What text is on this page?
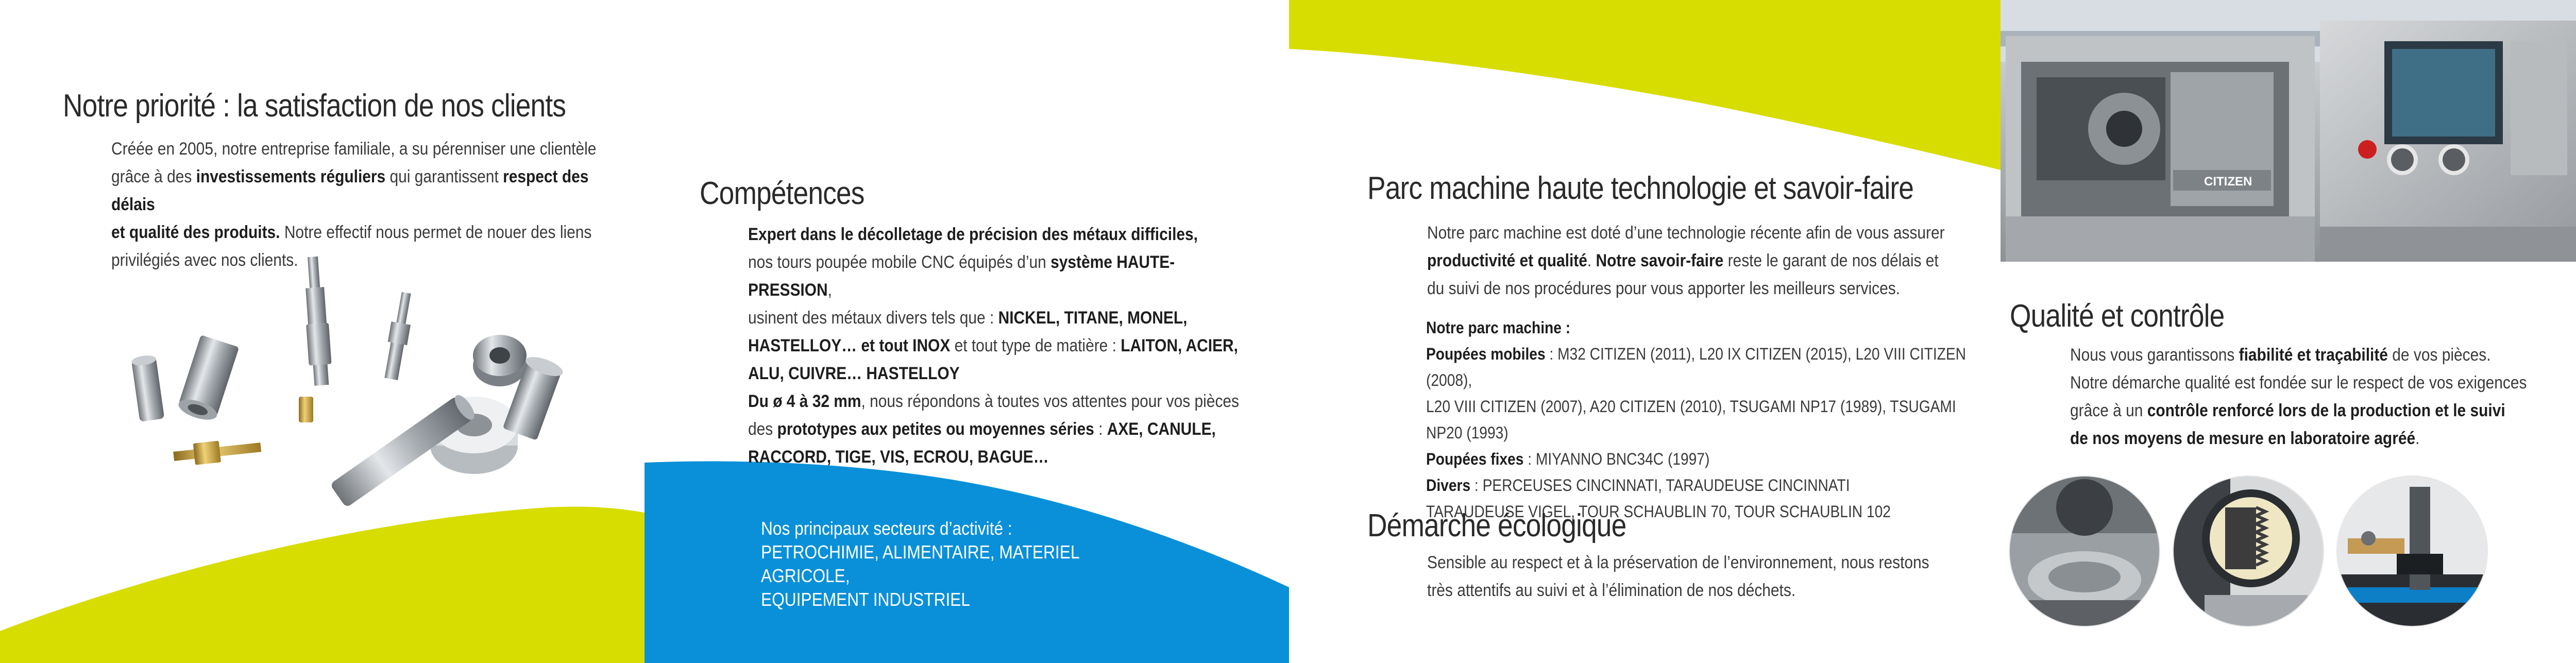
Notre priorité : la satisfaction de nos clients

Créée en 2005, notre entreprise familiale, a su pérenniser une clientèle

grâce à des investissements réguliers qui garantissent respect des délais

et qualité des produits. Notre effectif nous permet de nouer des liens

privilégiés avec nos clients.

Compétences

Expert dans le décolletage de précision des métaux difficiles,

nos tours poupée mobile CNC équipés d’un système HAUTE-PRESSION,

usinent des métaux divers tels que : NICKEL, TITANE, MONEL,

HASTELLOY… et tout INOX et tout type de matière : LAITON, ACIER,

ALU, CUIVRE… HASTELLOY

Du ø 4 à 32 mm, nous répondons à toutes vos attentes pour vos pièces

des prototypes aux petites ou moyennes séries : AXE, CANULE,

RACCORD, TIGE, VIS, ECROU, BAGUE…

Nos principaux secteurs d’activité :

PETROCHIMIE, ALIMENTAIRE, MATERIEL AGRICOLE,

EQUIPEMENT INDUSTRIEL

Parc machine haute technologie et savoir-faire

Notre parc machine est doté d’une technologie récente afin de vous assurer

productivité et qualité. Notre savoir-faire reste le garant de nos délais et

du suivi de nos procédures pour vous apporter les meilleurs services.

Notre parc machine :

Poupées mobiles : M32 CITIZEN (2011), L20 IX CITIZEN (2015), L20 VIII CITIZEN (2008),

L20 VIII CITIZEN (2007), A20 CITIZEN (2010), TSUGAMI NP17 (1989), TSUGAMI NP20 (1993)

Poupées fixes : MIYANNO BNC34C (1997)

Divers : PERCEUSES CINCINNATI, TARAUDEUSE CINCINNATI

TARAUDEUSE VIGEL, TOUR SCHAUBLIN 70, TOUR SCHAUBLIN 102

Démarche écologique

Sensible au respect et à la préservation de l’environnement, nous restons

très attentifs au suivi et à l’élimination de nos déchets.

CITIZEN
Qualité et contrôle

Nous vous garantissons fiabilité et traçabilité de vos pièces.

Notre démarche qualité est fondée sur le respect de vos exigences

grâce à un contrôle renforcé lors de la production et le suivi

de nos moyens de mesure en laboratoire agréé.
